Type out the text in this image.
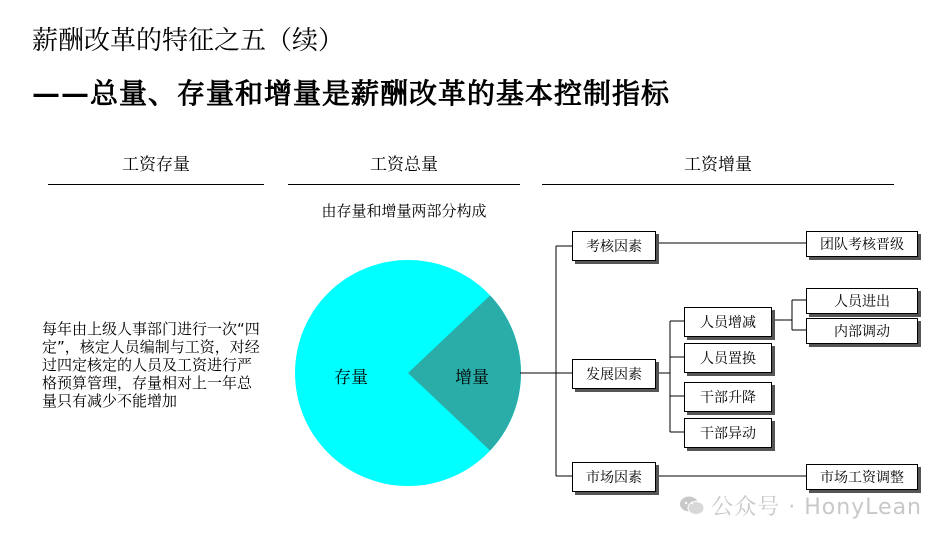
薪酬改革的特征之五（续）
——总量、存量和增量是薪酬改革的基本控制指标
工资存量	工资总量	工资增量
由存量和增量两部分构成
每年由上级人事部门进行一次“四定”，核定人员编制与工资，对经过四定核定的人员及工资进行严格预算管理，存量相对上一年总量只有减少不能增加
存量	增量
考核因素
发展因素
市场因素
人员增减
人员置换
干部升降
干部异动
人员进出
内部调动
团队考核晋级
市场工资调整
公众号 · HonyLean
